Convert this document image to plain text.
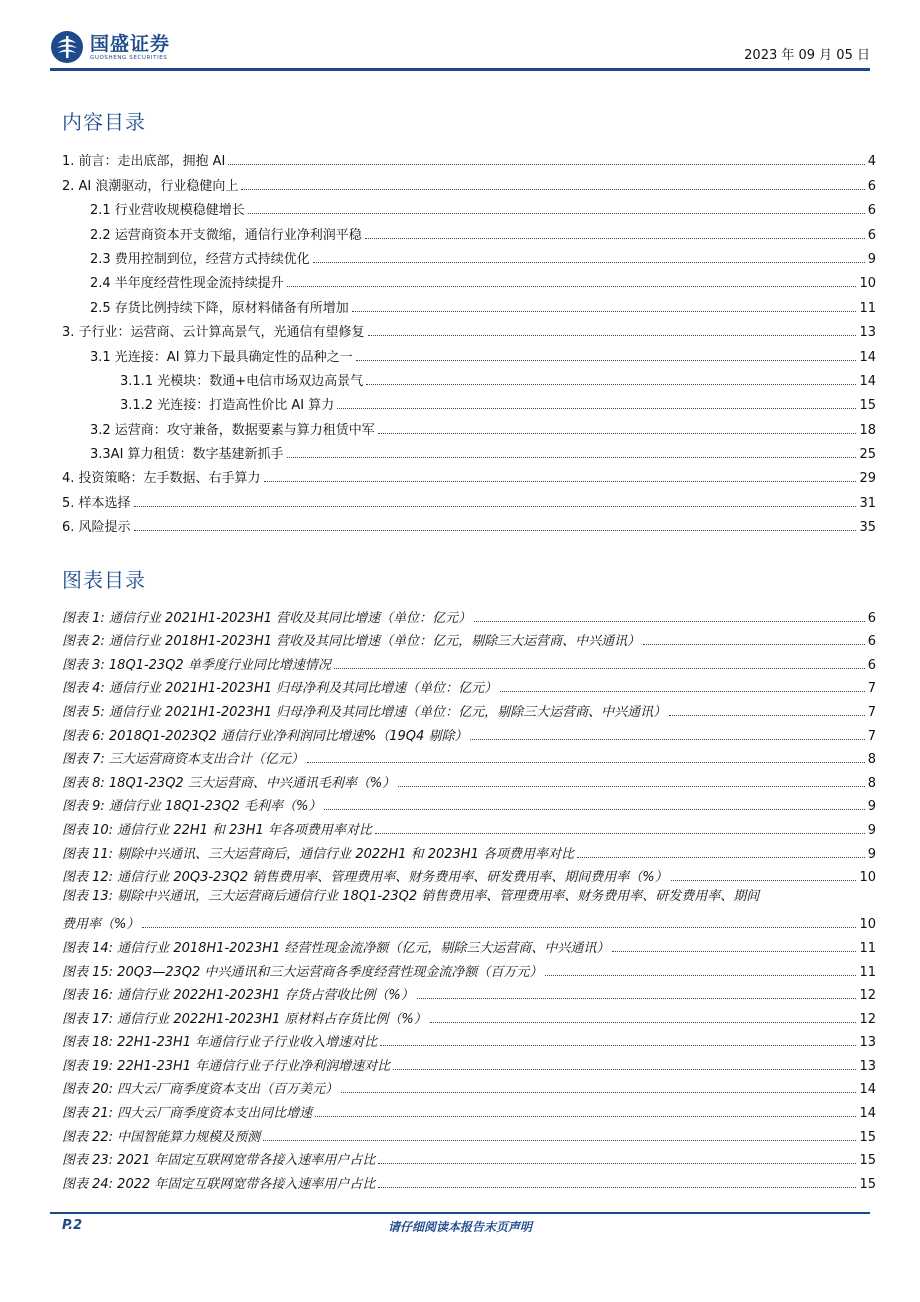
国盛证券
GUOSHENG SECURITIES	2023 年 09 月 05 日
内容目录
1. 前言：走出底部，拥抱 AI	4
2. AI 浪潮驱动，行业稳健向上	6
2.1 行业营收规模稳健增长	6
2.2 运营商资本开支微缩，通信行业净利润平稳	6
2.3 费用控制到位，经营方式持续优化	9
2.4 半年度经营性现金流持续提升	10
2.5 存货比例持续下降，原材料储备有所增加	11
3. 子行业：运营商、云计算高景气，光通信有望修复	13
3.1 光连接：AI 算力下最具确定性的品种之一	14
3.1.1 光模块：数通+电信市场双边高景气	14
3.1.2 光连接：打造高性价比 AI 算力	15
3.2 运营商：攻守兼备，数据要素与算力租赁中军	18
3.3AI 算力租赁：数字基建新抓手	25
4. 投资策略：左手数据、右手算力	29
5. 样本选择	31
6. 风险提示	35
图表目录
图表 1: 通信行业 2021H1-2023H1 营收及其同比增速（单位：亿元）	6
图表 2: 通信行业 2018H1-2023H1 营收及其同比增速（单位：亿元，剔除三大运营商、中兴通讯）	6
图表 3: 18Q1-23Q2 单季度行业同比增速情况	6
图表 4: 通信行业 2021H1-2023H1 归母净利及其同比增速（单位：亿元）	7
图表 5: 通信行业 2021H1-2023H1 归母净利及其同比增速（单位：亿元，剔除三大运营商、中兴通讯）	7
图表 6: 2018Q1-2023Q2 通信行业净利润同比增速%（19Q4 剔除）	7
图表 7: 三大运营商资本支出合计（亿元）	8
图表 8: 18Q1-23Q2 三大运营商、中兴通讯毛利率（%）	8
图表 9: 通信行业 18Q1-23Q2 毛利率（%）	9
图表 10: 通信行业 22H1 和 23H1 年各项费用率对比	9
图表 11: 剔除中兴通讯、三大运营商后，通信行业 2022H1 和 2023H1 各项费用率对比	9
图表 12: 通信行业 20Q3-23Q2 销售费用率、管理费用率、财务费用率、研发费用率、期间费用率（%）	10
图表 13: 剔除中兴通讯，三大运营商后通信行业 18Q1-23Q2 销售费用率、管理费用率、财务费用率、研发费用率、期间
费用率（%）	10
图表 14: 通信行业 2018H1-2023H1 经营性现金流净额（亿元，剔除三大运营商、中兴通讯）	11
图表 15: 20Q3—23Q2 中兴通讯和三大运营商各季度经营性现金流净额（百万元）	11
图表 16: 通信行业 2022H1-2023H1 存货占营收比例（%）	12
图表 17: 通信行业 2022H1-2023H1 原材料占存货比例（%）	12
图表 18: 22H1-23H1 年通信行业子行业收入增速对比	13
图表 19: 22H1-23H1 年通信行业子行业净利润增速对比	13
图表 20: 四大云厂商季度资本支出（百万美元）	14
图表 21: 四大云厂商季度资本支出同比增速	14
图表 22: 中国智能算力规模及预测	15
图表 23: 2021 年固定互联网宽带各接入速率用户占比	15
图表 24: 2022 年固定互联网宽带各接入速率用户占比	15
请仔细阅读本报告末页声明
P.2
